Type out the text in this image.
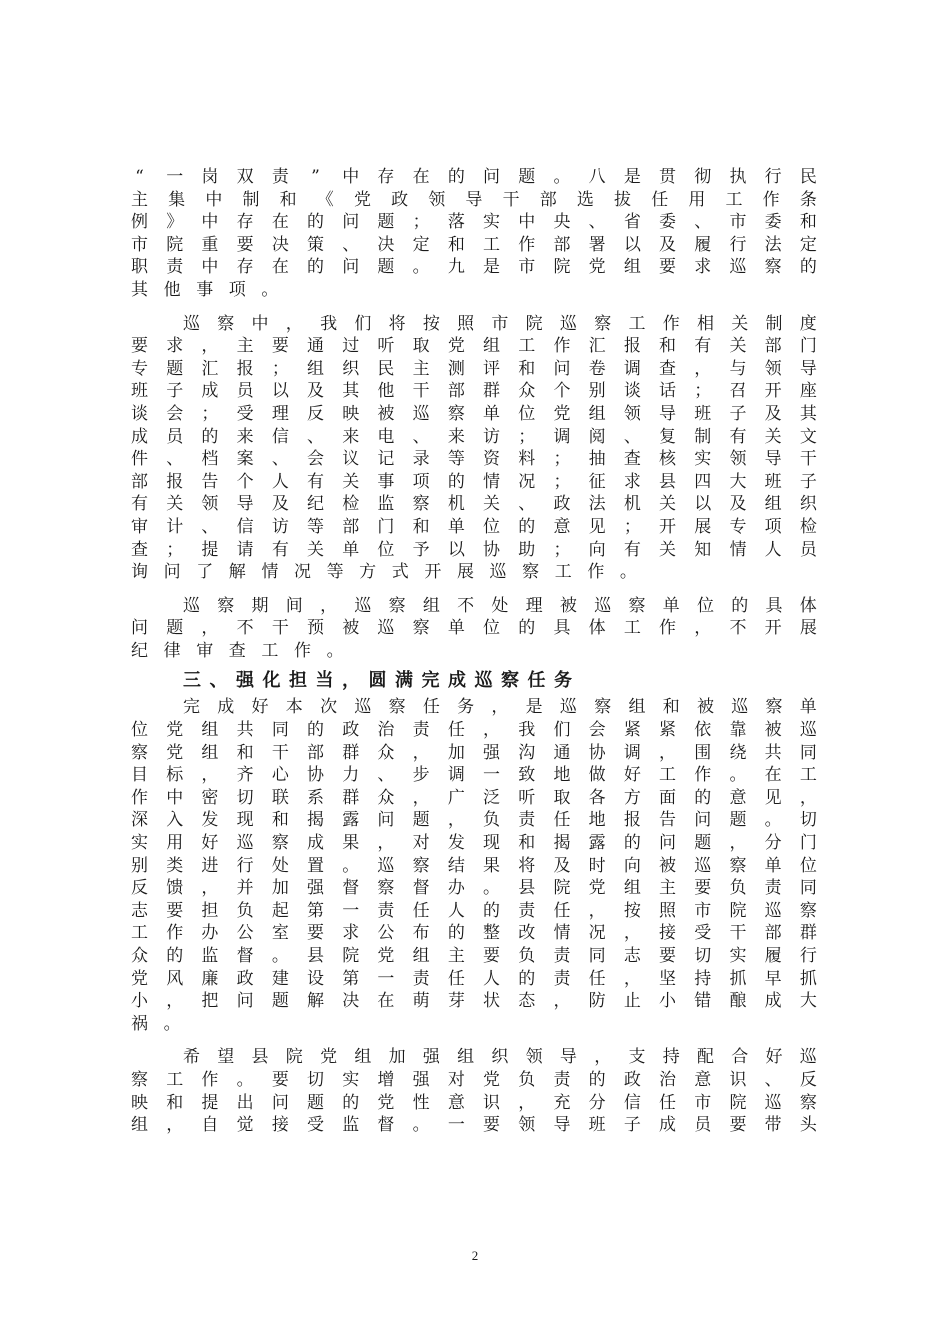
“ 一 岗 双 责 ” 中 存 在 的 问 题 。 八 是 贯 彻 执 行 民
主 集 中 制 和 《 党 政 领 导 干 部 选 拔 任 用 工 作 条
例 》 中 存 在 的 问 题 ； 落 实 中 央 、 省 委 、 市 委 和
市 院 重 要 决 策 、 决 定 和 工 作 部 署 以 及 履 行 法 定
职 责 中 存 在 的 问 题 。 九 是 市 院 党 组 要 求 巡 察 的
其 他 事 项 。
巡 察 中 ， 我 们 将 按 照 市 院 巡 察 工 作 相 关 制 度
要 求 ， 主 要 通 过 听 取 党 组 工 作 汇 报 和 有 关 部 门
专 题 汇 报 ； 组 织 民 主 测 评 和 问 卷 调 查 ， 与 领 导
班 子 成 员 以 及 其 他 干 部 群 众 个 别 谈 话 ； 召 开 座
谈 会 ； 受 理 反 映 被 巡 察 单 位 党 组 领 导 班 子 及 其
成 员 的 来 信 、 来 电 、 来 访 ； 调 阅 、 复 制 有 关 文
件 、 档 案 、 会 议 记 录 等 资 料 ； 抽 查 核 实 领 导 干
部 报 告 个 人 有 关 事 项 的 情 况 ； 征 求 县 四 大 班 子
有 关 领 导 及 纪 检 监 察 机 关 、 政 法 机 关 以 及 组 织
审 计 、 信 访 等 部 门 和 单 位 的 意 见 ； 开 展 专 项 检
查 ； 提 请 有 关 单 位 予 以 协 助 ； 向 有 关 知 情 人 员
询 问 了 解 情 况 等 方 式 开 展 巡 察 工 作 。
巡 察 期 间 ， 巡 察 组 不 处 理 被 巡 察 单 位 的 具 体
问 题 ， 不 干 预 被 巡 察 单 位 的 具 体 工 作 ， 不 开 展
纪 律 审 查 工 作 。
三、强化担当，圆满完成巡察任务
完 成 好 本 次 巡 察 任 务 ， 是 巡 察 组 和 被 巡 察 单
位 党 组 共 同 的 政 治 责 任 ， 我 们 会 紧 紧 依 靠 被 巡
察 党 组 和 干 部 群 众 ， 加 强 沟 通 协 调 ， 围 绕 共 同
目 标 ， 齐 心 协 力 、 步 调 一 致 地 做 好 工 作 。 在 工
作 中 密 切 联 系 群 众 ， 广 泛 听 取 各 方 面 的 意 见 ，
深 入 发 现 和 揭 露 问 题 ， 负 责 任 地 报 告 问 题 。 切
实 用 好 巡 察 成 果 ， 对 发 现 和 揭 露 的 问 题 ， 分 门
别 类 进 行 处 置 。 巡 察 结 果 将 及 时 向 被 巡 察 单 位
反 馈 ， 并 加 强 督 察 督 办 。 县 院 党 组 主 要 负 责 同
志 要 担 负 起 第 一 责 任 人 的 责 任 ， 按 照 市 院 巡 察
工 作 办 公 室 要 求 公 布 的 整 改 情 况 ， 接 受 干 部 群
众 的 监 督 。 县 院 党 组 主 要 负 责 同 志 要 切 实 履 行
党 风 廉 政 建 设 第 一 责 任 人 的 责 任 ， 坚 持 抓 早 抓
小 ， 把 问 题 解 决 在 萌 芽 状 态 ， 防 止 小 错 酿 成 大
祸 。
希 望 县 院 党 组 加 强 组 织 领 导 ， 支 持 配 合 好 巡
察 工 作 。 要 切 实 增 强 对 党 负 责 的 政 治 意 识 、 反
映 和 提 出 问 题 的 党 性 意 识 ， 充 分 信 任 市 院 巡 察
组 ， 自 觉 接 受 监 督 。 一 要 领 导 班 子 成 员 要 带 头
2
